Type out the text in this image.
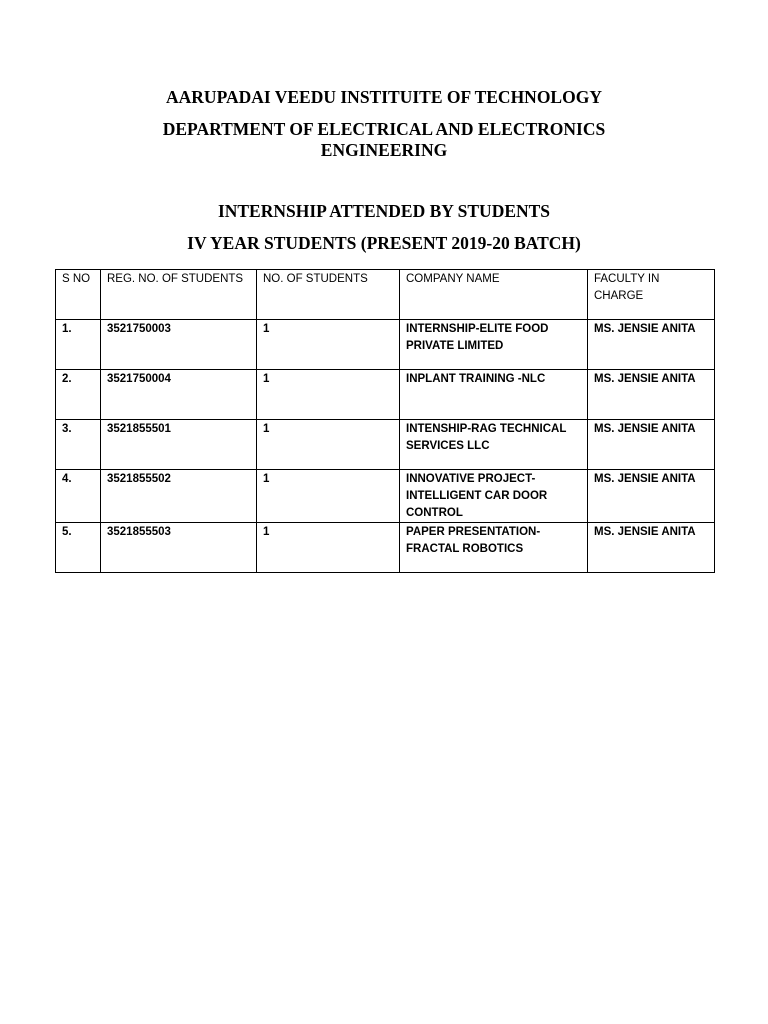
AARUPADAI VEEDU INSTITUITE OF TECHNOLOGY
DEPARTMENT OF ELECTRICAL AND ELECTRONICS
ENGINEERING
INTERNSHIP ATTENDED BY STUDENTS
IV YEAR STUDENTS (PRESENT 2019-20 BATCH)
S NO	REG. NO. OF STUDENTS	NO. OF STUDENTS	COMPANY NAME	FACULTY IN CHARGE
1.	3521750003	1	INTERNSHIP-ELITE FOOD PRIVATE LIMITED	MS. JENSIE ANITA
2.	3521750004	1	INPLANT TRAINING -NLC	MS. JENSIE ANITA
3.	3521855501	1	INTENSHIP-RAG TECHNICAL SERVICES LLC	MS. JENSIE ANITA
4.	3521855502	1	INNOVATIVE PROJECT-INTELLIGENT CAR DOOR CONTROL	MS. JENSIE ANITA
5.	3521855503	1	PAPER PRESENTATION-FRACTAL ROBOTICS	MS. JENSIE ANITA
